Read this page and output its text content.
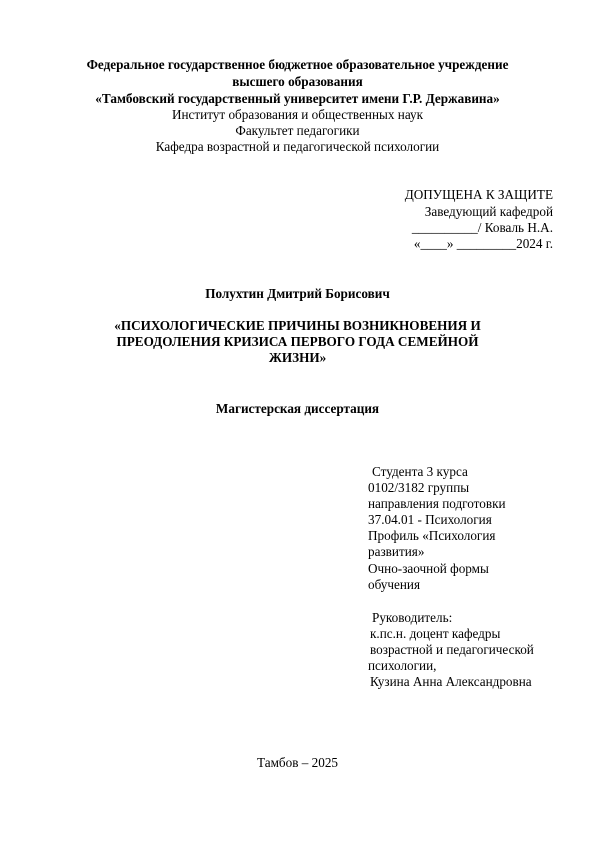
Федеральное государственное бюджетное образовательное учреждение
высшего образования
«Тамбовский государственный университет имени Г.Р. Державина»
Институт образования и общественных наук
Факультет педагогики
Кафедра возрастной и педагогической психологии
ДОПУЩЕНА К ЗАЩИТЕ
Заведующий кафедрой
__________/ Коваль Н.А.
«____» _________2024 г.
Полухтин Дмитрий Борисович
«ПСИХОЛОГИЧЕСКИЕ ПРИЧИНЫ ВОЗНИКНОВЕНИЯ И
ПРЕОДОЛЕНИЯ КРИЗИСА ПЕРВОГО ГОДА СЕМЕЙНОЙ
ЖИЗНИ»
Магистерская диссертация
Студента 3 курса
0102/3182 группы
направления подготовки
37.04.01 - Психология
Профиль «Психология
развития»
Очно-заочной формы
обучения
Руководитель:
к.пс.н. доцент кафедры
возрастной и педагогической
психологии,
Кузина Анна Александровна
Тамбов – 2025
